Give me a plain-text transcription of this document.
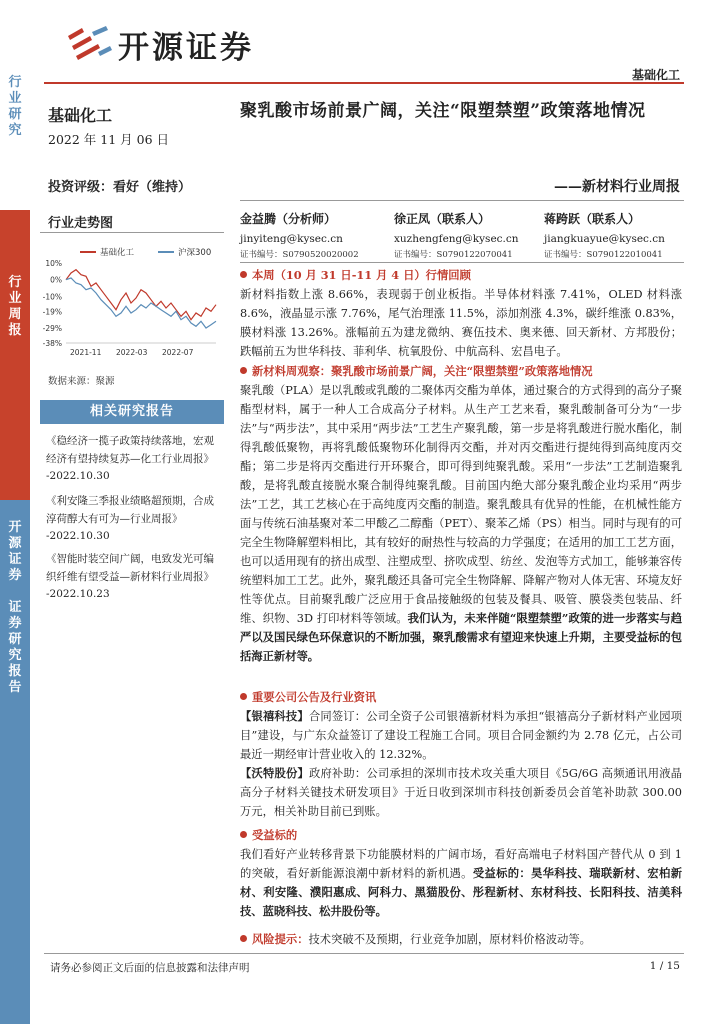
开源证券
基础化工
行
业
研
究
行
业
周
报
开
源
证
券

证
券
研
究
报
告
基础化工
2022 年 11 月 06 日
投资评级：看好（维持）
行业走势图
基础化工	沪深300
10%
0%
-10%
-19%
-29%
-38%
2021-11 2022-03 2022-07
数据来源：聚源
相关研究报告
《稳经济一揽子政策持续落地，宏观经济有望持续复苏—化工行业周报》
-2022.10.30
《利安隆三季报业绩略超预期，合成淳荷醇大有可为—行业周报》
-2022.10.30
《智能时装空间广阔，电致发光可编织纤维有望受益—新材料行业周报》
-2022.10.23
聚乳酸市场前景广阔，关注“限塑禁塑”政策落地情况
——新材料行业周报
金益腾（分析师）
jinyiteng@kysec.cn
证书编号：S0790520020002
徐正凤（联系人）
xuzhengfeng@kysec.cn
证书编号：S0790122070041
蒋跨跃（联系人）
jiangkuayue@kysec.cn
证书编号：S0790122010041
本周（10 月 31 日-11 月 4 日）行情回顾
新材料指数上涨 8.66%，表现弱于创业板指。半导体材料涨 7.41%，OLED 材料涨 8.6%，液晶显示涨 7.76%，尾气治理涨 11.5%，添加剂涨 4.3%，碳纤维涨 0.83%，膜材料涨 13.26%。涨幅前五为建龙微纳、赛伍技术、奥来德、回天新材、方邦股份；跌幅前五为世华科技、菲利华、杭氧股份、中航高科、宏昌电子。
新材料周观察：聚乳酸市场前景广阔，关注“限塑禁塑”政策落地情况
聚乳酸（PLA）是以乳酸或乳酸的二聚体丙交酯为单体，通过聚合的方式得到的高分子聚酯型材料，属于一种人工合成高分子材料。从生产工艺来看，聚乳酸制备可分为“一步法”与“两步法”，其中采用“两步法”工艺生产聚乳酸，第一步是将乳酸进行脱水酯化，制得乳酸低聚物，再将乳酸低聚物环化制得丙交酯，并对丙交酯进行提纯得到高纯度丙交酯；第二步是将丙交酯进行开环聚合，即可得到纯聚乳酸。采用“一步法”工艺制造聚乳酸，是将乳酸直接脱水聚合制得纯聚乳酸。目前国内绝大部分聚乳酸企业均采用“两步法”工艺，其工艺核心在于高纯度丙交酯的制造。聚乳酸具有优异的性能，在机械性能方面与传统石油基聚对苯二甲酸乙二醇酯（PET）、聚苯乙烯（PS）相当。同时与现有的可完全生物降解塑料相比，其有较好的耐热性与较高的力学强度；在适用的加工工艺方面，也可以适用现有的挤出成型、注塑成型、挤吹成型、纺丝、发泡等方式加工，能够兼容传统塑料加工工艺。此外，聚乳酸还具备可完全生物降解、降解产物对人体无害、环境友好性等优点。目前聚乳酸广泛应用于食品接触级的包装及餐具、吸管、膜袋类包装品、纤维、织物、3D 打印材料等领域。我们认为，未来伴随“限塑禁塑”政策的进一步落实与趋严以及国民绿色环保意识的不断加强，聚乳酸需求有望迎来快速上升期，主要受益标的包括海正新材等。
重要公司公告及行业资讯
【银禧科技】合同签订：公司全资子公司银禧新材料为承担“银禧高分子新材料产业园项目”建设，与广东众益签订了建设工程施工合同。项目合同金额约为 2.78 亿元，占公司最近一期经审计营业收入的 12.32%。
【沃特股份】政府补助：公司承担的深圳市技术攻关重大项目《5G/6G 高频通讯用液晶高分子材料关键技术研发项目》于近日收到深圳市科技创新委员会首笔补助款 300.00 万元，相关补助目前已到账。
受益标的
我们看好产业转移背景下功能膜材料的广阔市场，看好高端电子材料国产替代从 0 到 1 的突破，看好新能源浪潮中新材料的新机遇。受益标的：昊华科技、瑞联新材、宏柏新材、利安隆、濮阳惠成、阿科力、黑猫股份、彤程新材、东材科技、长阳科技、洁美科技、蓝晓科技、松井股份等。
风险提示：技术突破不及预期，行业竞争加剧，原材料价格波动等。
请务必参阅正文后面的信息披露和法律声明	1 / 15
